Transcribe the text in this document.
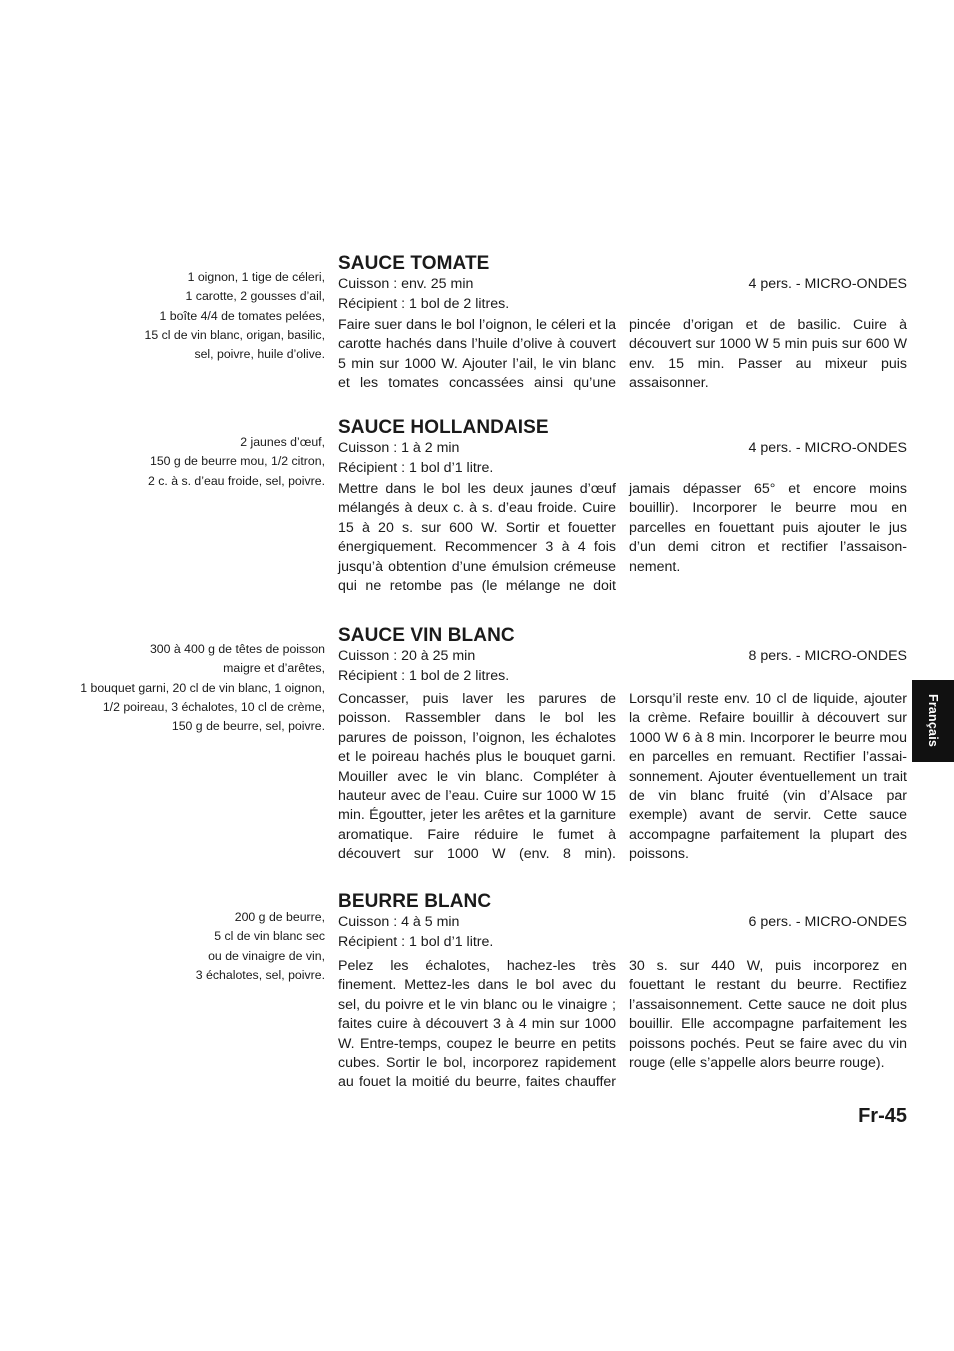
1 oignon, 1 tige de céleri,
1 carotte, 2 gousses d’ail,
1 boîte 4/4 de tomates pelées,
15 cl de vin blanc, origan, basilic,
sel, poivre, huile d’olive.
SAUCE TOMATE
Cuisson : env. 25 min	4 pers. - MICRO-ONDES
Récipient : 1 bol de 2 litres.
Faire suer dans le bol l’oignon, le céleri et la carotte hachés dans l’huile d’olive à couvert 5 min sur 1000 W. Ajouter l’ail, le vin blanc et les tomates concassées ainsi qu’une
pincée d’origan et de basilic. Cuire à découvert sur 1000 W 5 min puis sur 600 W env. 15 min. Passer au mixeur puis assaisonner.
2 jaunes d’œuf,
150 g de beurre mou, 1/2 citron,
2 c. à s. d’eau froide, sel, poivre.
SAUCE HOLLANDAISE
Cuisson : 1 à 2 min	4 pers. - MICRO-ONDES
Récipient : 1 bol d’1 litre.
Mettre dans le bol les deux jaunes d’œuf mélangés à deux c. à s. d’eau froide. Cuire 15 à 20 s. sur 600 W. Sortir et fouetter énergiquement. Recommencer 3 à 4 fois jusqu’à obtention d’une émulsion crémeuse qui ne retombe pas (le mélange ne doit
jamais dépasser 65° et encore moins bouillir). Incorporer le beurre mou en parcelles en fouettant puis ajouter le jus d’un demi citron et rectifier l’assaison-nement.
300 à 400 g de têtes de poisson
maigre et d’arêtes,
1 bouquet garni, 20 cl de vin blanc, 1 oignon,
1/2 poireau, 3 échalotes, 10 cl de crème,
150 g de beurre, sel, poivre.
SAUCE VIN BLANC
Cuisson : 20 à 25 min	8 pers. - MICRO-ONDES
Récipient : 1 bol de 2 litres.
Concasser, puis laver les parures de poisson. Rassembler dans le bol les parures de poisson, l’oignon, les échalotes et le poireau hachés plus le bouquet garni. Mouiller avec le vin blanc. Compléter à hauteur avec de l’eau. Cuire sur 1000 W 15 min. Égoutter, jeter les arêtes et la garniture aromatique. Faire réduire le fumet à découvert sur 1000 W (env. 8 min).
Lorsqu’il reste env. 10 cl de liquide, ajouter la crème. Refaire bouillir à découvert sur 1000 W 6 à 8 min. Incorporer le beurre mou en parcelles en remuant. Rectifier l’assai-sonnement. Ajouter éventuellement un trait de vin blanc fruité (vin d’Alsace par exemple) avant de servir. Cette sauce accompagne parfaitement la plupart des poissons.
200 g de beurre,
5 cl de vin blanc sec
ou de vinaigre de vin,
3 échalotes, sel, poivre.
BEURRE BLANC
Cuisson : 4 à 5 min	6 pers. - MICRO-ONDES
Récipient : 1 bol d’1 litre.
Pelez les échalotes, hachez-les très finement. Mettez-les dans le bol avec du sel, du poivre et le vin blanc ou le vinaigre ; faites cuire à découvert 3 à 4 min sur 1000 W. Entre-temps, coupez le beurre en petits cubes. Sortir le bol, incorporez rapidement au fouet la moitié du beurre, faites chauffer
30 s. sur 440 W, puis incorporez en fouettant le restant du beurre. Rectifiez l’assaisonnement. Cette sauce ne doit plus bouillir. Elle accompagne parfaitement les poissons pochés. Peut se faire avec du vin rouge (elle s’appelle alors beurre rouge).
Français
Fr-45
